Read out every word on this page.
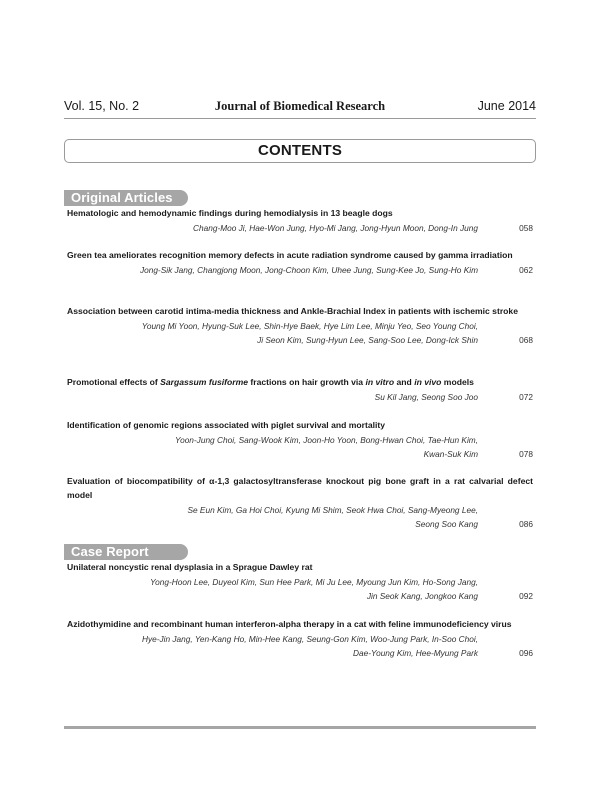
Vol. 15, No. 2	Journal of Biomedical Research	June 2014
CONTENTS
Original Articles
Case Report
Hematologic and hemodynamic findings during hemodialysis in 13 beagle dogs
Chang-Moo Ji, Hae-Won Jung, Hyo-Mi Jang, Jong-Hyun Moon, Dong-In Jung	058
Green tea ameliorates recognition memory defects in acute radiation syndrome caused by gamma irradiation
Jong-Sik Jang, Changjong Moon, Jong-Choon Kim, Uhee Jung, Sung-Kee Jo, Sung-Ho Kim	062
Association between carotid intima-media thickness and Ankle-Brachial Index in patients with ischemic stroke
Young Mi Yoon, Hyung-Suk Lee, Shin-Hye Baek, Hye Lim Lee, Minju Yeo, Seo Young Choi,
Ji Seon Kim, Sung-Hyun Lee, Sang-Soo Lee, Dong-Ick Shin	068
Promotional effects of Sargassum fusiforme fractions on hair growth via in vitro and in vivo models
Su Kil Jang, Seong Soo Joo	072
Identification of genomic regions associated with piglet survival and mortality
Yoon-Jung Choi, Sang-Wook Kim, Joon-Ho Yoon, Bong-Hwan Choi, Tae-Hun Kim,
Kwan-Suk Kim	078
Evaluation of biocompatibility of α-1,3 galactosyltransferase knockout pig bone graft in a rat calvarial defect model
Se Eun Kim, Ga Hoi Choi, Kyung Mi Shim, Seok Hwa Choi, Sang-Myeong Lee,
Seong Soo Kang	086
Unilateral noncystic renal dysplasia in a Sprague Dawley rat
Yong-Hoon Lee, Duyeol Kim, Sun Hee Park, Mi Ju Lee, Myoung Jun Kim, Ho-Song Jang,
Jin Seok Kang, Jongkoo Kang	092
Azidothymidine and recombinant human interferon-alpha therapy in a cat with feline immunodeficiency virus
Hye-Jin Jang, Yen-Kang Ho, Min-Hee Kang, Seung-Gon Kim, Woo-Jung Park, In-Soo Choi,
Dae-Young Kim, Hee-Myung Park	096
